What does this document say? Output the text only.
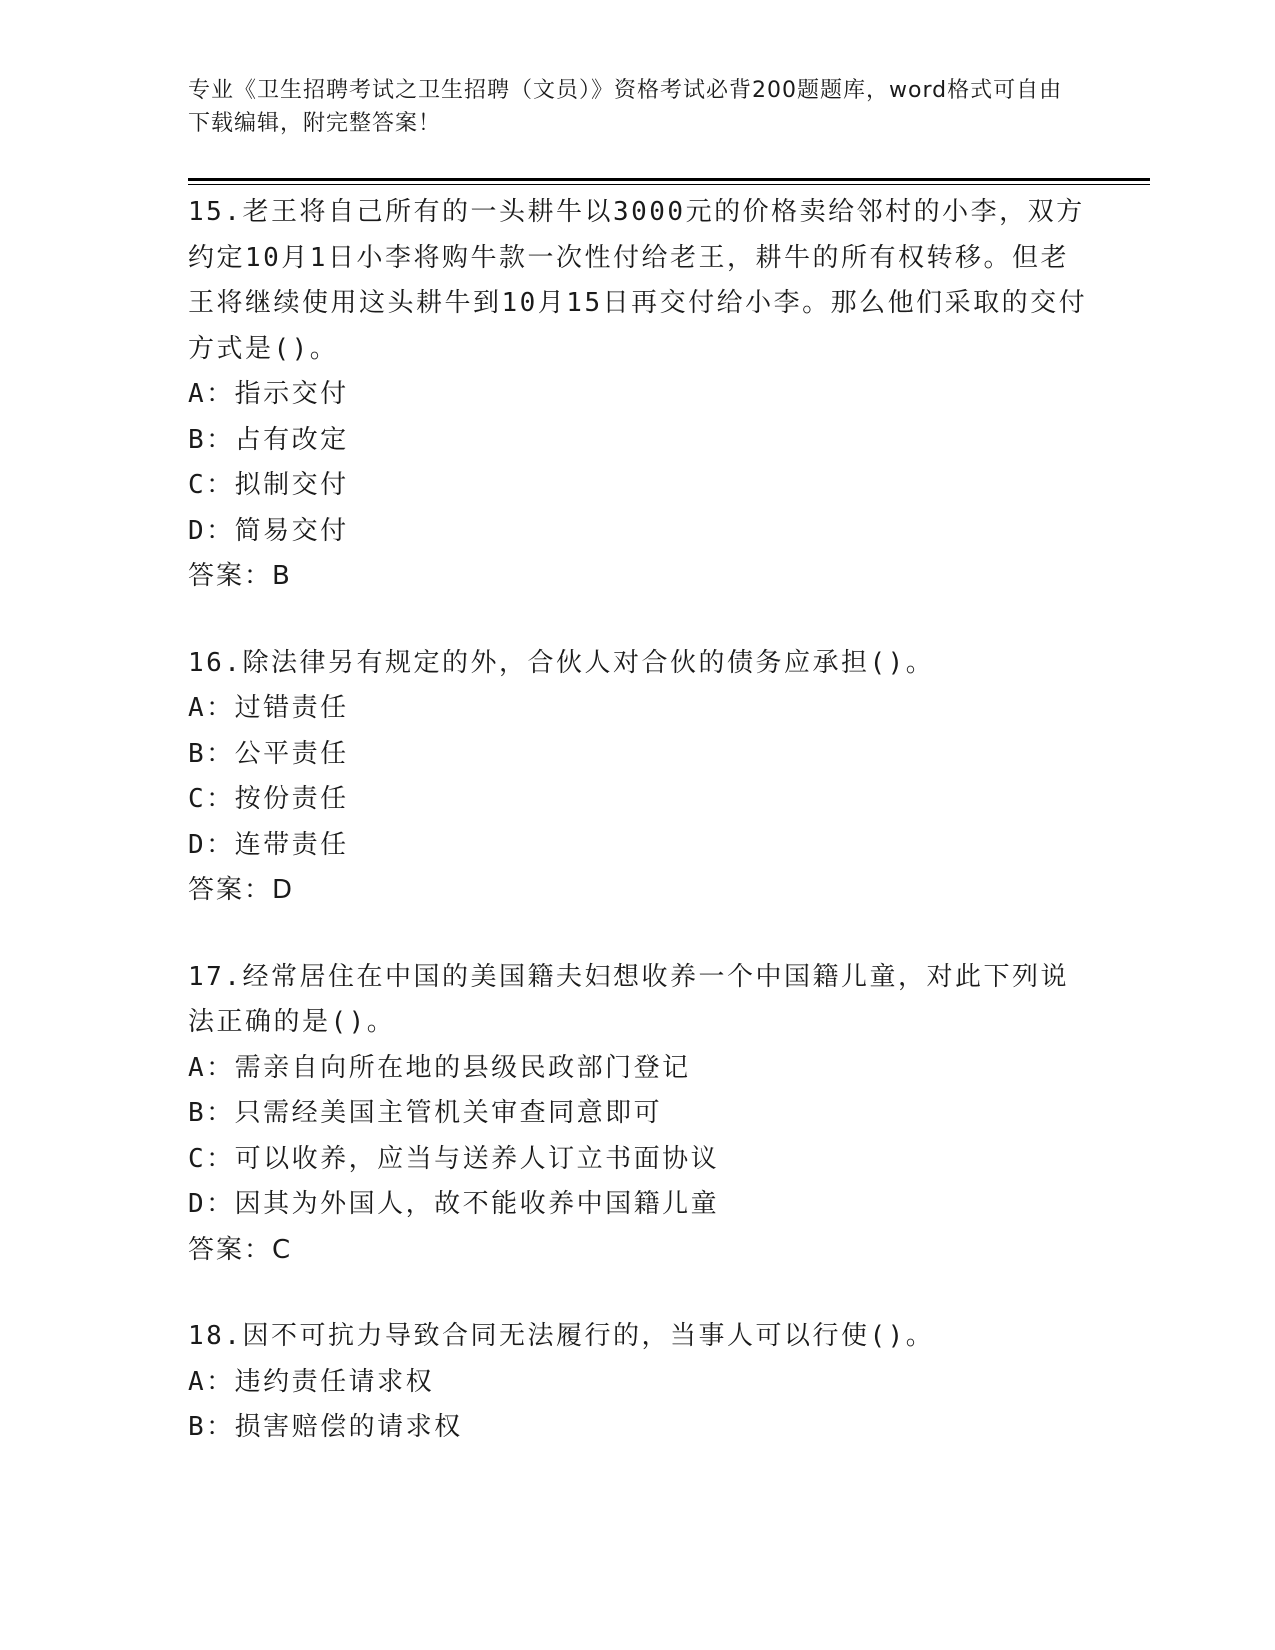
专业《卫生招聘考试之卫生招聘（文员）》资格考试必背200题题库，word格式可自由下载编辑，附完整答案！
15.老王将自己所有的一头耕牛以3000元的价格卖给邻村的小李，双方约定10月1日小李将购牛款一次性付给老王，耕牛的所有权转移。但老王将继续使用这头耕牛到10月15日再交付给小李。那么他们采取的交付方式是()。
A：指示交付
B：占有改定
C：拟制交付
D：简易交付
答案：B
16.除法律另有规定的外，合伙人对合伙的债务应承担()。
A：过错责任
B：公平责任
C：按份责任
D：连带责任
答案：D
17.经常居住在中国的美国籍夫妇想收养一个中国籍儿童，对此下列说法正确的是()。
A：需亲自向所在地的县级民政部门登记
B：只需经美国主管机关审查同意即可
C：可以收养，应当与送养人订立书面协议
D：因其为外国人，故不能收养中国籍儿童
答案：C
18.因不可抗力导致合同无法履行的，当事人可以行使()。
A：违约责任请求权
B：损害赔偿的请求权
